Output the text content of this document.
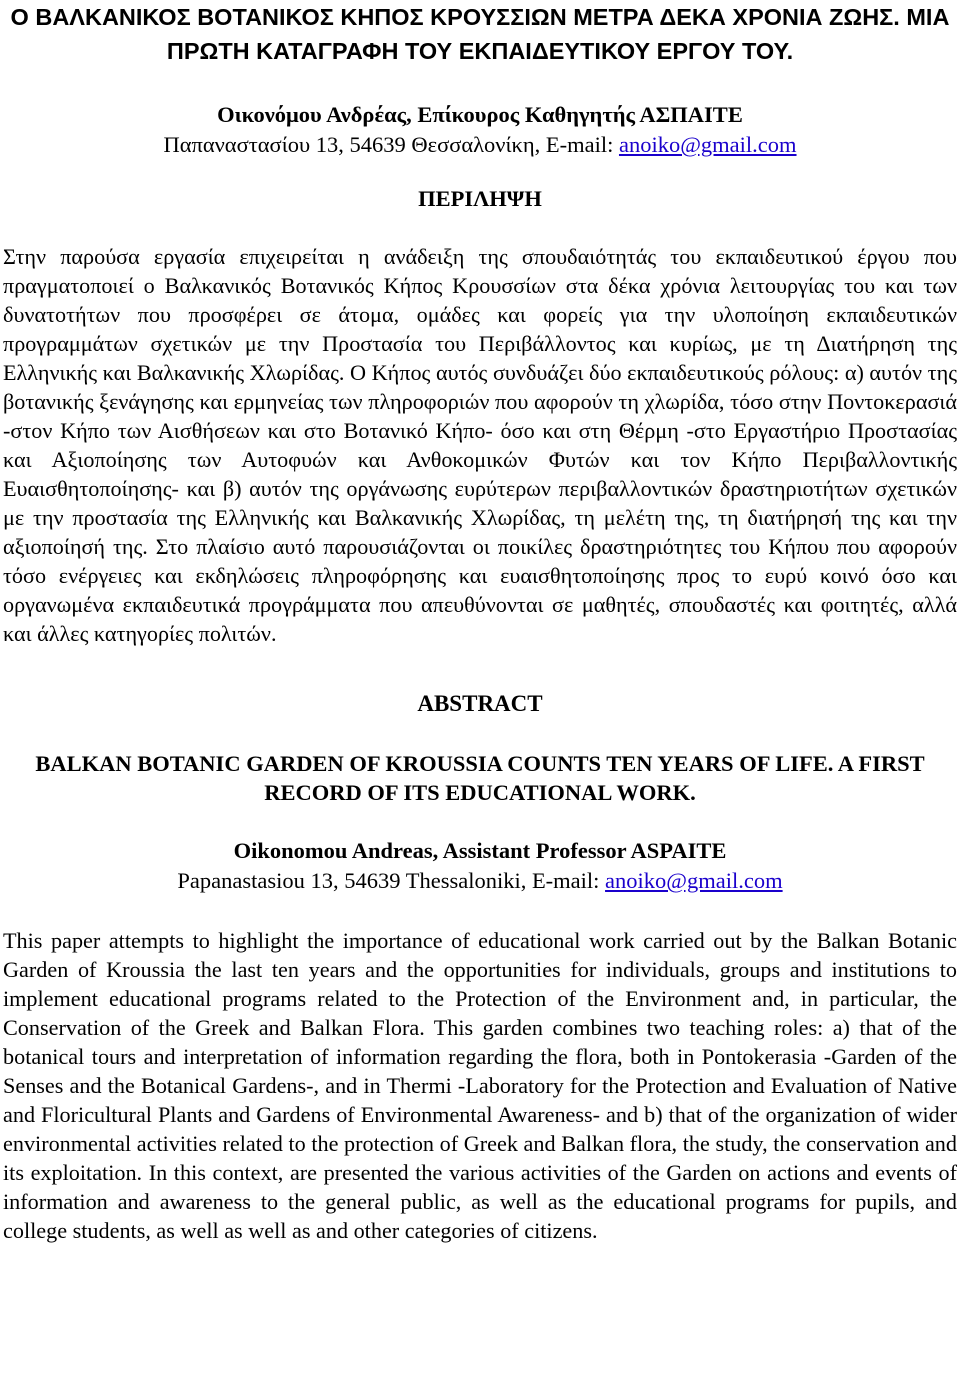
Ο ΒΑΛΚΑΝΙΚΟΣ ΒΟΤΑΝΙΚΟΣ ΚΗΠΟΣ ΚΡΟΥΣΣΙΩΝ ΜΕΤΡΑ ΔΕΚΑ ΧΡΟΝΙΑ ΖΩΗΣ. ΜΙΑ ΠΡΩΤΗ ΚΑΤΑΓΡΑΦΗ ΤΟΥ ΕΚΠΑΙΔΕΥΤΙΚΟΥ ΕΡΓΟΥ ΤΟΥ.

Οικονόμου Ανδρέας, Επίκουρος Καθηγητής ΑΣΠΑΙΤΕ

Παπαναστασίου 13, 54639 Θεσσαλονίκη, E-mail: anoiko@gmail.com

ΠΕΡΙΛΗΨΗ

Στην παρούσα εργασία επιχειρείται η ανάδειξη της σπουδαιότητάς του εκπαιδευτικού έργου που πραγματοποιεί ο Βαλκανικός Βοτανικός Κήπος Κρουσσίων στα δέκα χρόνια λειτουργίας του και των δυνατοτήτων που προσφέρει σε άτομα, ομάδες και φορείς για την υλοποίηση εκπαιδευτικών προγραμμάτων σχετικών με την Προστασία του Περιβάλλοντος και κυρίως, με τη Διατήρηση της Ελληνικής και Βαλκανικής Χλωρίδας. Ο Κήπος αυτός συνδυάζει δύο εκπαιδευτικούς ρόλους: α) αυτόν της βοτανικής ξενάγησης και ερμηνείας των πληροφοριών που αφορούν τη χλωρίδα, τόσο στην Ποντοκερασιά -στον Κήπο των Αισθήσεων και στο Βοτανικό Κήπο- όσο και στη Θέρμη -στο Εργαστήριο Προστασίας και Αξιοποίησης των Αυτοφυών και Ανθοκομικών Φυτών και τον Κήπο Περιβαλλοντικής Ευαισθητοποίησης- και β) αυτόν της οργάνωσης ευρύτερων περιβαλλοντικών δραστηριοτήτων σχετικών με την προστασία της Ελληνικής και Βαλκανικής Χλωρίδας, τη μελέτη της, τη διατήρησή της και την αξιοποίησή της. Στο πλαίσιο αυτό παρουσιάζονται οι ποικίλες δραστηριότητες του Κήπου που αφορούν τόσο ενέργειες και εκδηλώσεις πληροφόρησης και ευαισθητοποίησης προς το ευρύ κοινό όσο και οργανωμένα εκπαιδευτικά προγράμματα που απευθύνονται σε μαθητές, σπουδαστές και φοιτητές, αλλά και άλλες κατηγορίες πολιτών.

ABSTRACT
BALKAN BOTANIC GARDEN OF KROUSSIA COUNTS TEN YEARS OF LIFE. A FIRST RECORD OF ITS EDUCATIONAL WORK.

Oikonomou Andreas, Assistant Professor ASPAITE

Papanastasiou 13, 54639 Thessaloniki, E-mail: anoiko@gmail.com

This paper attempts to highlight the importance of educational work carried out by the Balkan Botanic Garden of Kroussia the last ten years and the opportunities for individuals, groups and institutions to implement educational programs related to the Protection of the Environment and, in particular, the Conservation of the Greek and Balkan Flora. This garden combines two teaching roles: a) that of the botanical tours and interpretation of information regarding the flora, both in Pontokerasia -Garden of the Senses and the Botanical Gardens-, and in Thermi -Laboratory for the Protection and Evaluation of Native and Floricultural Plants and Gardens of Environmental Awareness- and b) that of the organization of wider environmental activities related to the protection of Greek and Balkan flora, the study, the conservation and its exploitation. In this context, are presented the various activities of the Garden on actions and events of information and awareness to the general public, as well as the educational programs for pupils, and college students, as well as well as and other categories of citizens.
